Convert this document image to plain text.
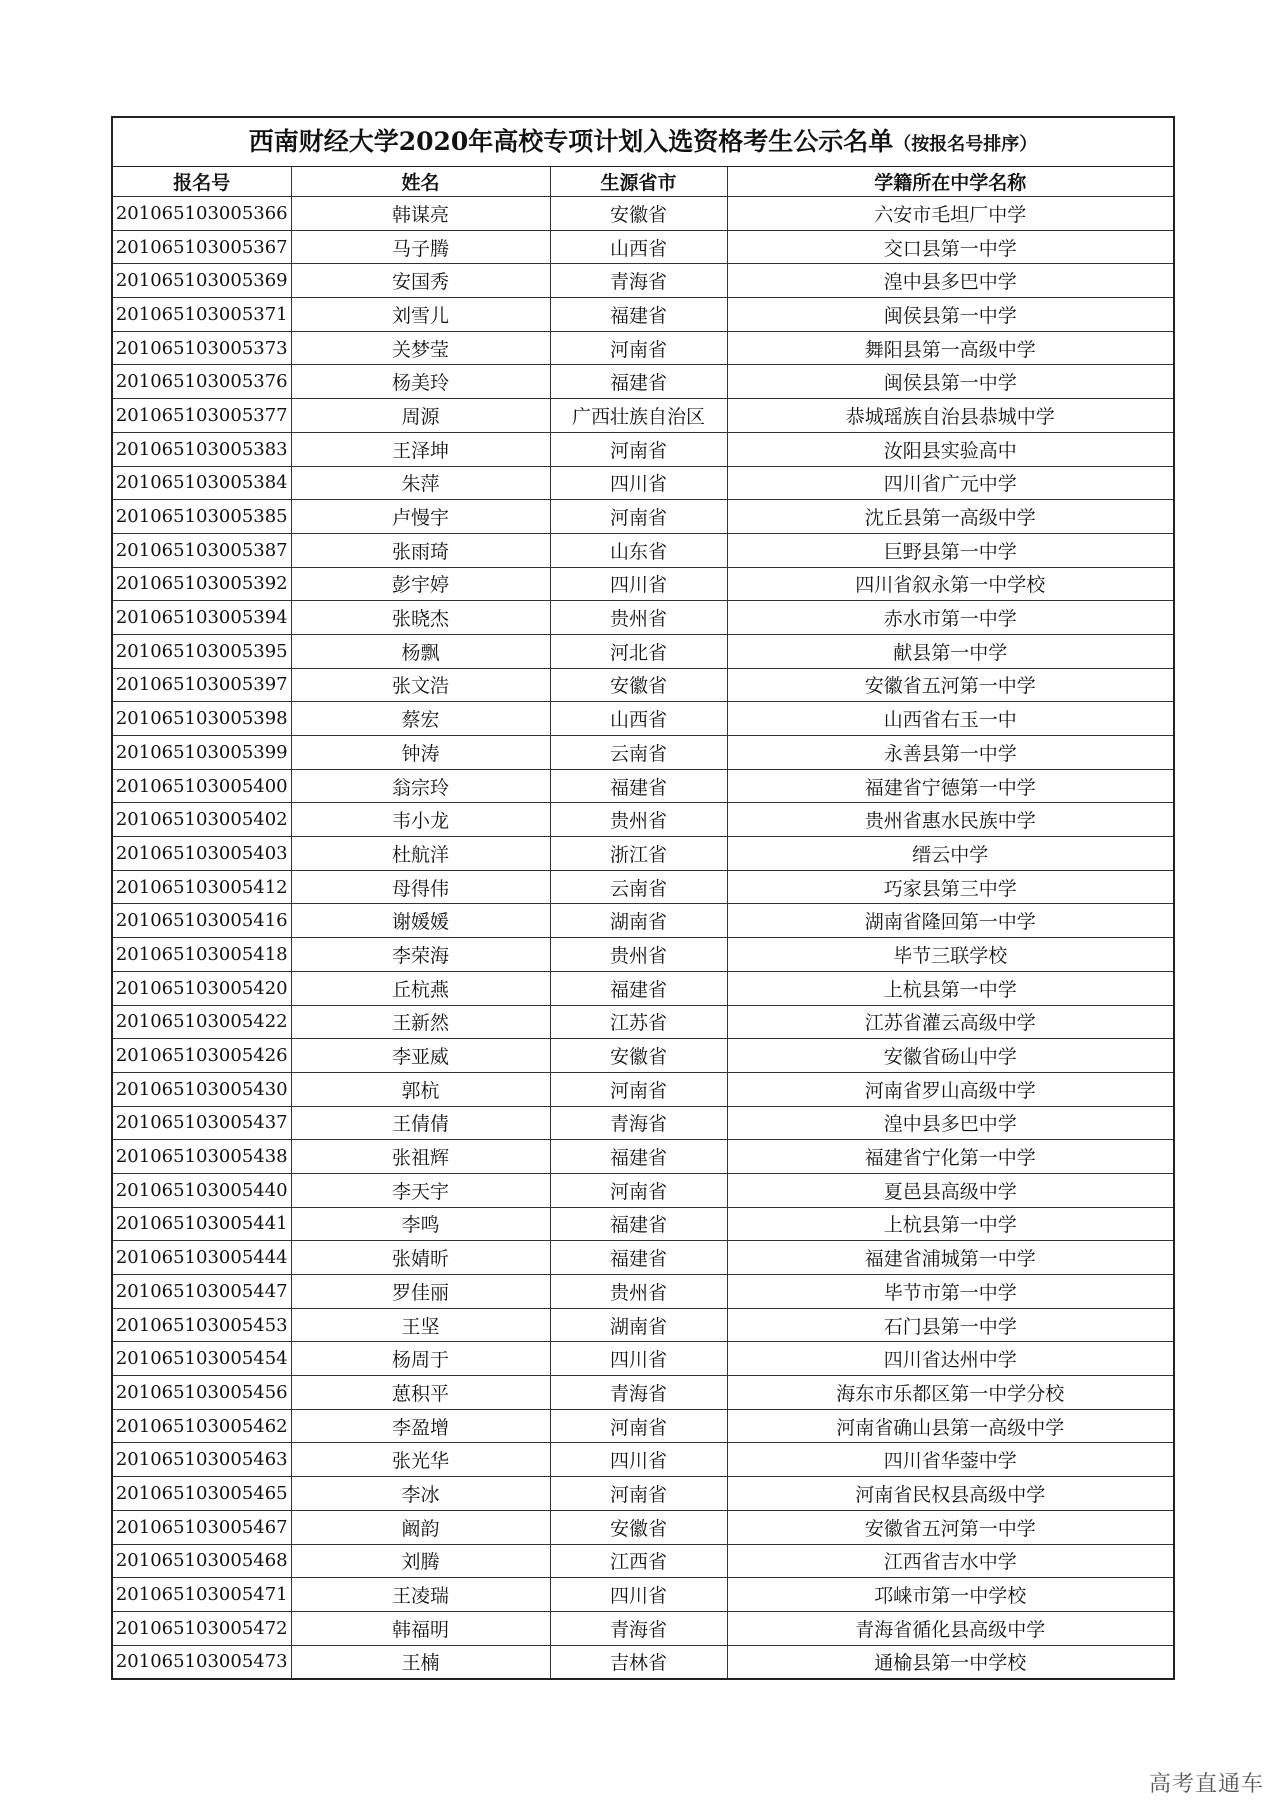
西南财经大学2020年高校专项计划入选资格考生公示名单（按报名号排序）
报名号	姓名	生源省市	学籍所在中学名称
201065103005366	韩谋亮	安徽省	六安市毛坦厂中学
201065103005367	马子腾	山西省	交口县第一中学
201065103005369	安国秀	青海省	湟中县多巴中学
201065103005371	刘雪儿	福建省	闽侯县第一中学
201065103005373	关梦莹	河南省	舞阳县第一高级中学
201065103005376	杨美玲	福建省	闽侯县第一中学
201065103005377	周源	广西壮族自治区	恭城瑶族自治县恭城中学
201065103005383	王泽坤	河南省	汝阳县实验高中
201065103005384	朱萍	四川省	四川省广元中学
201065103005385	卢慢宇	河南省	沈丘县第一高级中学
201065103005387	张雨琦	山东省	巨野县第一中学
201065103005392	彭宇婷	四川省	四川省叙永第一中学校
201065103005394	张晓杰	贵州省	赤水市第一中学
201065103005395	杨飘	河北省	献县第一中学
201065103005397	张文浩	安徽省	安徽省五河第一中学
201065103005398	蔡宏	山西省	山西省右玉一中
201065103005399	钟涛	云南省	永善县第一中学
201065103005400	翁宗玲	福建省	福建省宁德第一中学
201065103005402	韦小龙	贵州省	贵州省惠水民族中学
201065103005403	杜航洋	浙江省	缙云中学
201065103005412	母得伟	云南省	巧家县第三中学
201065103005416	谢媛媛	湖南省	湖南省隆回第一中学
201065103005418	李荣海	贵州省	毕节三联学校
201065103005420	丘杭燕	福建省	上杭县第一中学
201065103005422	王新然	江苏省	江苏省灌云高级中学
201065103005426	李亚威	安徽省	安徽省砀山中学
201065103005430	郭杭	河南省	河南省罗山高级中学
201065103005437	王倩倩	青海省	湟中县多巴中学
201065103005438	张祖辉	福建省	福建省宁化第一中学
201065103005440	李天宇	河南省	夏邑县高级中学
201065103005441	李鸣	福建省	上杭县第一中学
201065103005444	张婧昕	福建省	福建省浦城第一中学
201065103005447	罗佳丽	贵州省	毕节市第一中学
201065103005453	王坚	湖南省	石门县第一中学
201065103005454	杨周于	四川省	四川省达州中学
201065103005456	葸积平	青海省	海东市乐都区第一中学分校
201065103005462	李盈增	河南省	河南省确山县第一高级中学
201065103005463	张光华	四川省	四川省华蓥中学
201065103005465	李冰	河南省	河南省民权县高级中学
201065103005467	阚韵	安徽省	安徽省五河第一中学
201065103005468	刘腾	江西省	江西省吉水中学
201065103005471	王凌瑞	四川省	邛崃市第一中学校
201065103005472	韩福明	青海省	青海省循化县高级中学
201065103005473	王楠	吉林省	通榆县第一中学校
高考直通车
